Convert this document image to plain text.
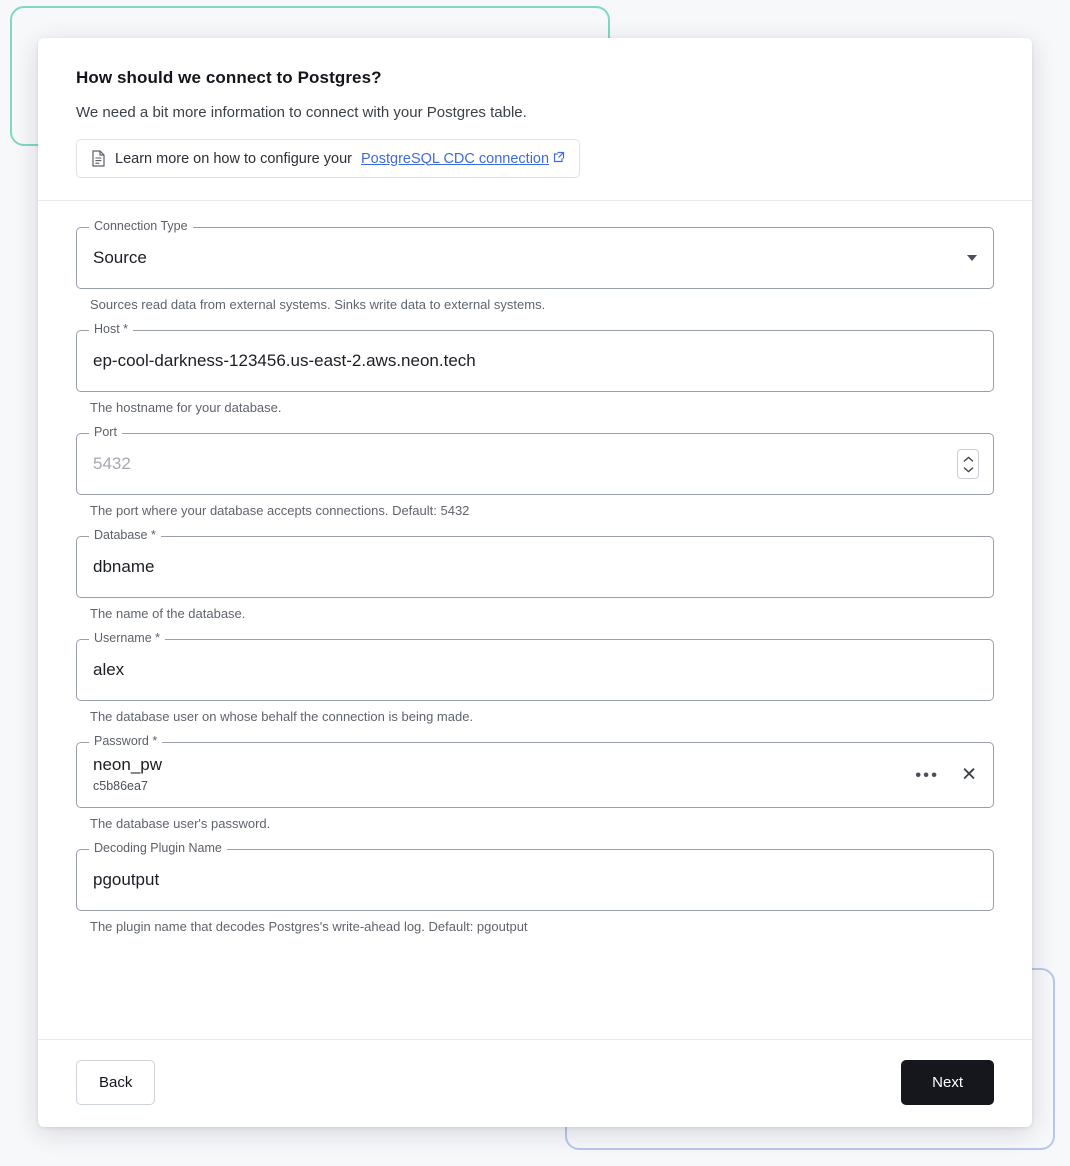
How should we connect to Postgres?

We need a bit more information to connect with your Postgres table.

Learn more on how to configure your PostgreSQL CDC connection
Connection Type
Source
Sources read data from external systems. Sinks write data to external systems.
Host *
ep-cool-darkness-123456.us-east-2.aws.neon.tech
The hostname for your database.
Port
5432
The port where your database accepts connections. Default: 5432
Database *
dbname
The name of the database.
Username *
alex
The database user on whose behalf the connection is being made.
Password *
neon_pw
c5b86ea7
••• ✕
The database user's password.
Decoding Plugin Name
pgoutput
The plugin name that decodes Postgres's write-ahead log. Default: pgoutput
Back	Next
